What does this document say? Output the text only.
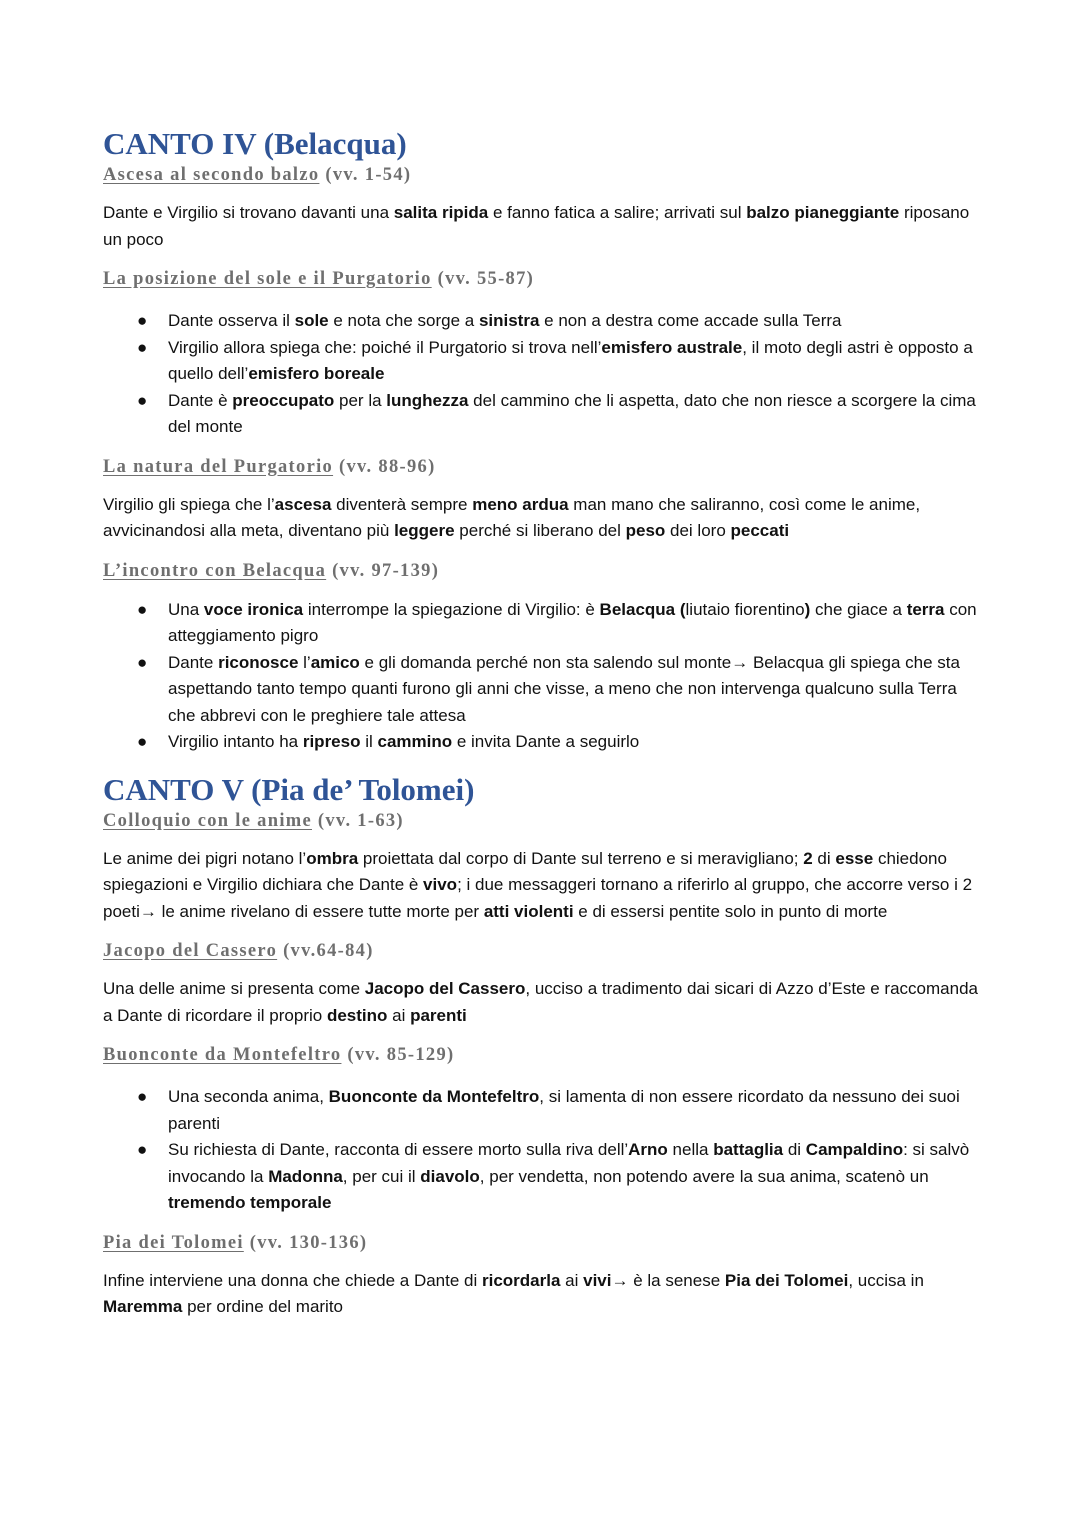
CANTO IV (Belacqua)
Ascesa al secondo balzo (vv. 1-54)

Dante e Virgilio si trovano davanti una salita ripida e fanno fatica a salire; arrivati sul balzo pianeggiante riposano un poco

La posizione del sole e il Purgatorio (vv. 55-87)
● Dante osserva il sole e nota che sorge a sinistra e non a destra come accade sulla Terra
● Virgilio allora spiega che: poiché il Purgatorio si trova nell’emisfero australe, il moto degli astri è opposto a quello dell’emisfero boreale
● Dante è preoccupato per la lunghezza del cammino che li aspetta, dato che non riesce a scorgere la cima del monte
La natura del Purgatorio (vv. 88-96)

Virgilio gli spiega che l’ascesa diventerà sempre meno ardua man mano che saliranno, così come le anime, avvicinandosi alla meta, diventano più leggere perché si liberano del peso dei loro peccati

L’incontro con Belacqua (vv. 97-139)
● Una voce ironica interrompe la spiegazione di Virgilio: è Belacqua (liutaio fiorentino) che giace a terra con atteggiamento pigro
● Dante riconosce l’amico e gli domanda perché non sta salendo sul monte→ Belacqua gli spiega che sta aspettando tanto tempo quanti furono gli anni che visse, a meno che non intervenga qualcuno sulla Terra che abbrevi con le preghiere tale attesa
● Virgilio intanto ha ripreso il cammino e invita Dante a seguirlo
CANTO V (Pia de’ Tolomei)
Colloquio con le anime (vv. 1-63)

Le anime dei pigri notano l’ombra proiettata dal corpo di Dante sul terreno e si meravigliano; 2 di esse chiedono spiegazioni e Virgilio dichiara che Dante è vivo; i due messaggeri tornano a riferirlo al gruppo, che accorre verso i 2 poeti→ le anime rivelano di essere tutte morte per atti violenti e di essersi pentite solo in punto di morte

Jacopo del Cassero (vv.64-84)

Una delle anime si presenta come Jacopo del Cassero, ucciso a tradimento dai sicari di Azzo d’Este e raccomanda a Dante di ricordare il proprio destino ai parenti

Buonconte da Montefeltro (vv. 85-129)
● Una seconda anima, Buonconte da Montefeltro, si lamenta di non essere ricordato da nessuno dei suoi parenti
● Su richiesta di Dante, racconta di essere morto sulla riva dell’Arno nella battaglia di Campaldino: si salvò invocando la Madonna, per cui il diavolo, per vendetta, non potendo avere la sua anima, scatenò un tremendo temporale
Pia dei Tolomei (vv. 130-136)

Infine interviene una donna che chiede a Dante di ricordarla ai vivi→ è la senese Pia dei Tolomei, uccisa in Maremma per ordine del marito
